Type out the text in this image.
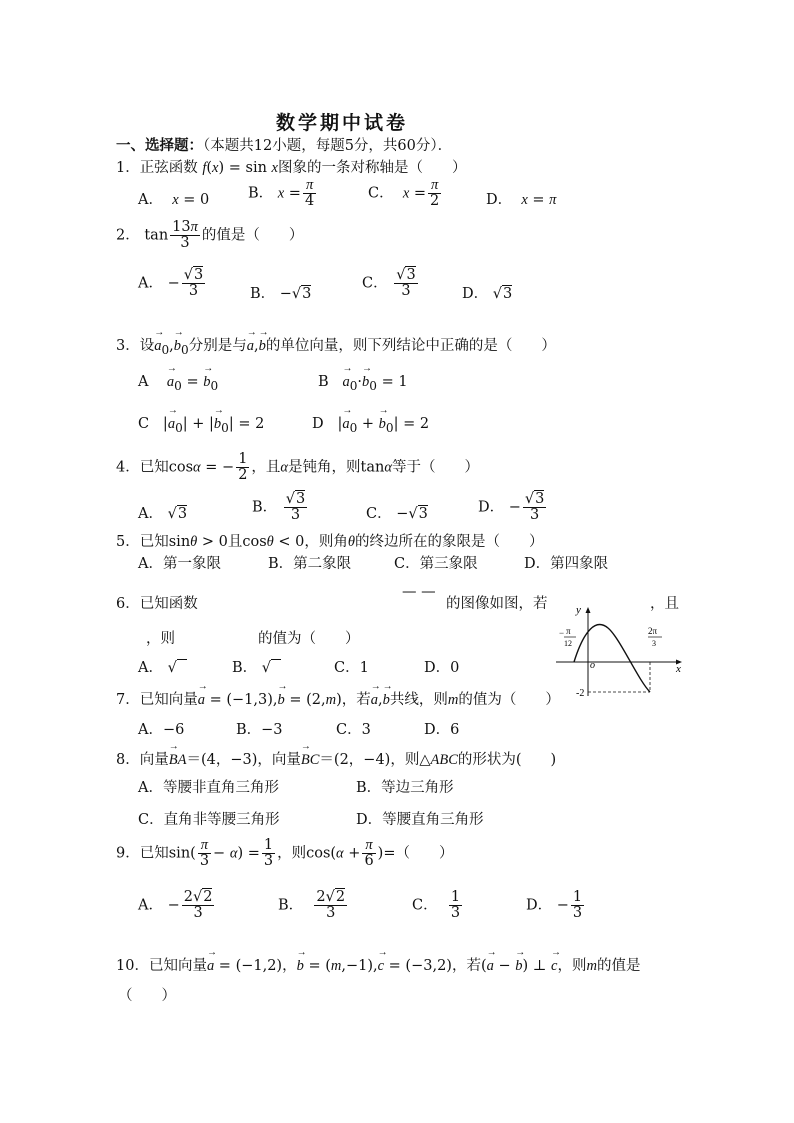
数学期中试卷
一、选择题：（本题共12小题，每题5分，共60分）．
1．正弦函数 f(x) = sin x图象的一条对称轴是（　　）
A． x = 0	B． $x = \frac{\pi}{4}$	C． $x = \frac{\pi}{2}$	D． x = π
2． $\tan \frac{13\pi}{3}$ 的值是（　　）
A． − $\frac{√3}{3}$	B． −√3
C． $\frac{√3}{3}$	D． √3
3．设→ $a_0,\to b_0$分别是与→ a,→ b的单位向量，则下列结论中正确的是（　　）
A    → $a_0$ = → $b_0$	$B \to a_0\cdot\to b_0 = 1$
C   |→ $a_0|$ + |→ $b_0| = 2$	D   |→ $a_0$ + → $b_0| = 2$
4．已知cosα = − $\frac{1}{2}$ ，且α是钝角，则tanα等于（　　）
A． √3	B． $\frac{√3}{3}$	C． −√3	D． − $\frac{√3}{3}$
5．已知sinθ > 0且cosθ < 0，则角θ的终边所在的象限是（　　）
A．第一象限	B．第二象限	C．第三象限	D．第四象限
6．已知函数
— —
的图像如图，若	，且
，则	的值为（　　）
A． √	B． √	C．1	D．0
y
x
o
− π
12
2π
3
-2
7．已知向量→ a = (−1,3),→ b = (2,m)，若→ a,→ b共线，则m的值为（　　）
A．−6	B．−3	C．3	D．6
8．向量→ BA＝(4，−3)，向量→ BC＝(2，−4)，则△ABC的形状为(　　)
A．等腰非直角三角形	B．等边三角形
C．直角非等腰三角形	D．等腰直角三角形
9．已知$\sin( \frac{\pi}{3} - \alpha) = \frac{1}{3}$ ，则$\cos(\alpha + \frac{\pi}{6}$ )=（　　）
A． − $\frac{2√2}{3}$	B． $\frac{2√2}{3}$	C． $\frac{1}{3}$	D． − $\frac{1}{3}$
10．已知向量→ a = (−1,2)，→ b = (m,−1),→ c = (−3,2)，若(→ a − → b) ⊥ → c，则m的值是
（　　）
